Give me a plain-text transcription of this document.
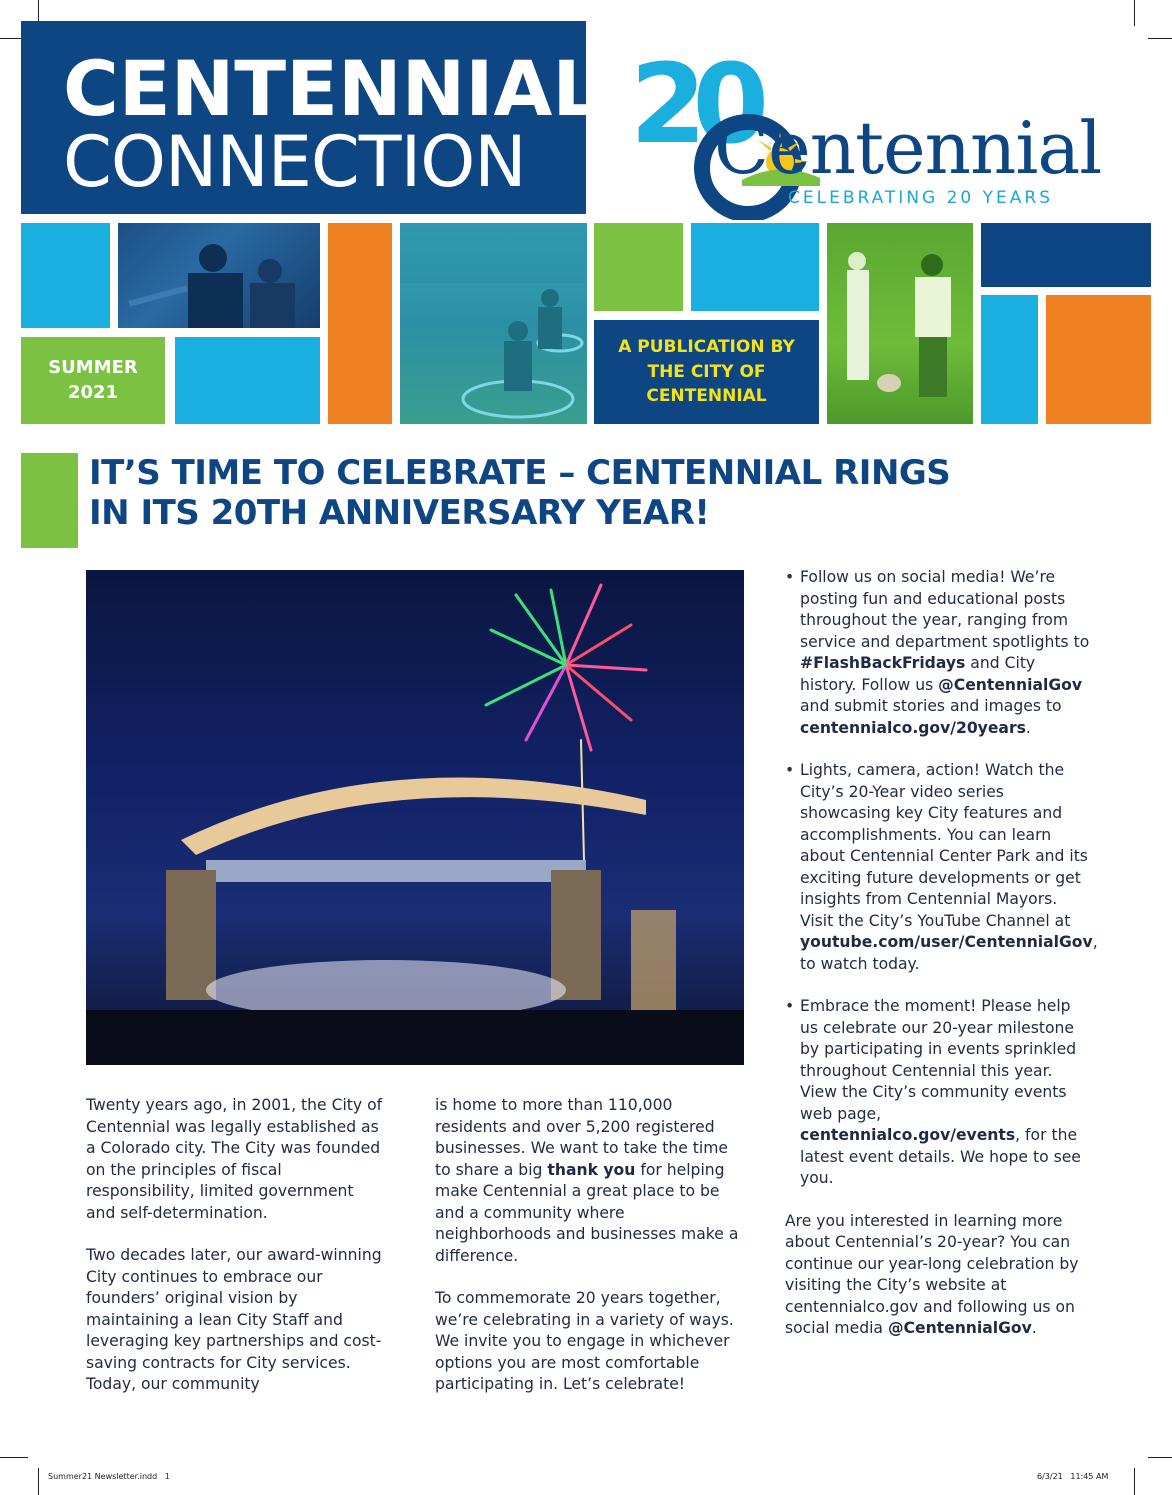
CENTENNIAL
CONNECTION 20
Centennial
CELEBRATING 20 YEARS
SUMMER
2021
A PUBLICATION BY
THE CITY OF
CENTENNIAL
IT’S TIME TO CELEBRATE – CENTENNIAL RINGS
IN ITS 20TH ANNIVERSARY YEAR!

Twenty years ago, in 2001, the City of Centennial was legally established as a Colorado city. The City was founded on the principles of fiscal responsibility, limited government and self-determination.

Two decades later, our award-winning City continues to embrace our founders’ original vision by maintaining a lean City Staff and leveraging key partnerships and cost-saving contracts for City services. Today, our community

is home to more than 110,000 residents and over 5,200 registered businesses. We want to take the time to share a big thank you for helping make Centennial a great place to be and a community where neighborhoods and businesses make a difference.

To commemorate 20 years together, we’re celebrating in a variety of ways. We invite you to engage in whichever options you are most comfortable participating in. Let’s celebrate!

• Follow us on social media! We’re posting fun and educational posts throughout the year, ranging from service and department spotlights to #FlashBackFridays and City history. Follow us @CentennialGov and submit stories and images to centennialco.gov/20years.
• Lights, camera, action! Watch the City’s 20-Year video series showcasing key City features and accomplishments. You can learn about Centennial Center Park and its exciting future developments or get insights from Centennial Mayors. Visit the City’s YouTube Channel at youtube.com/user/CentennialGov, to watch today.
• Embrace the moment! Please help us celebrate our 20-year milestone by participating in events sprinkled throughout Centennial this year. View the City’s community events web page, centennialco.gov/events, for the latest event details. We hope to see you.

Are you interested in learning more about Centennial’s 20-year? You can continue our year-long celebration by visiting the City’s website at centennialco.gov and following us on social media @CentennialGov.

Summer21 Newsletter.indd   1	6/3/21   11:45 AM
